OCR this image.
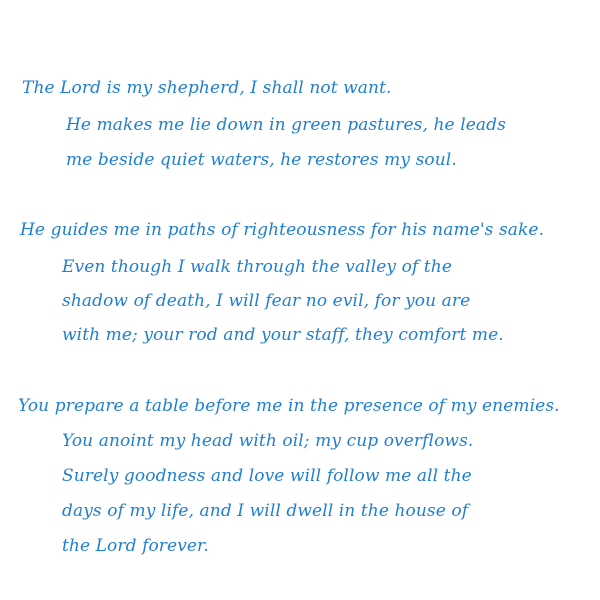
The Lord is my shepherd, I shall not want.
He makes me lie down in green pastures, he leads
me beside quiet waters, he restores my soul.
He guides me in paths of righteousness for his name's sake.
Even though I walk through the valley of the
shadow of death, I will fear no evil, for you are
with me; your rod and your staff, they comfort me.
You prepare a table before me in the presence of my enemies.
You anoint my head with oil; my cup overflows.
Surely goodness and love will follow me all the
days of my life, and I will dwell in the house of
the Lord forever.
